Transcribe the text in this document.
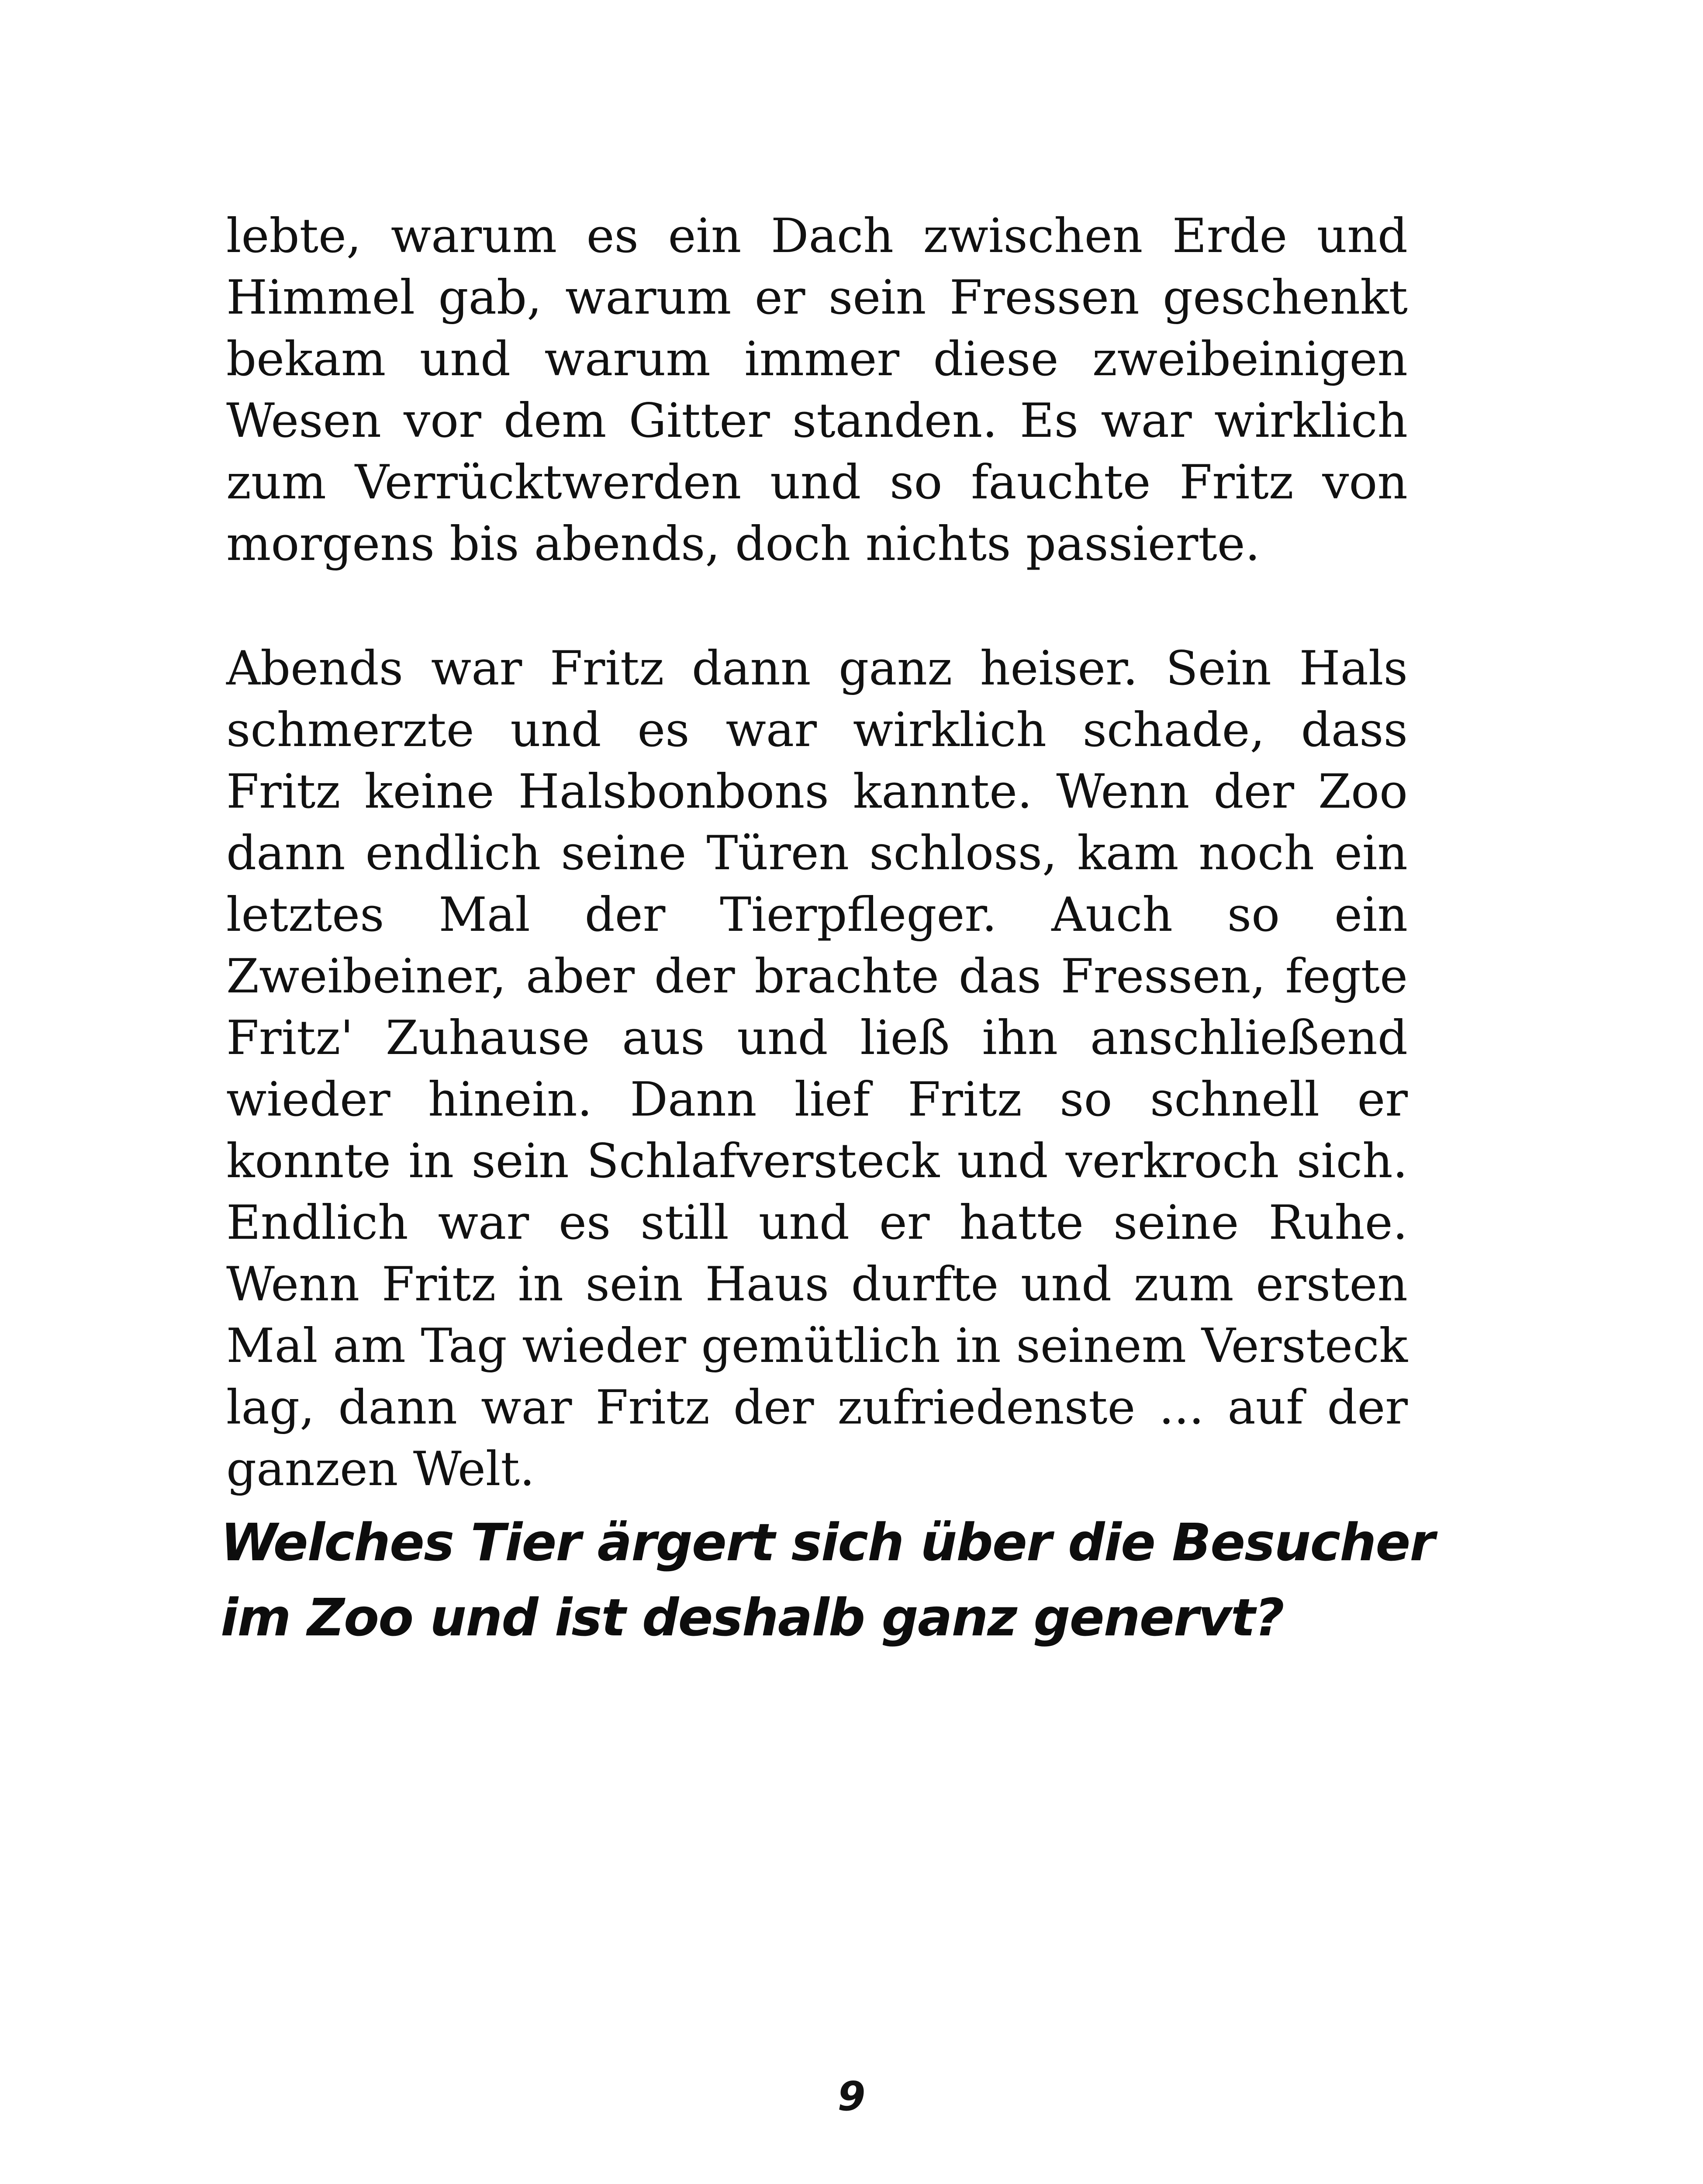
lebte, warum es ein Dach zwischen Erde und Himmel gab, warum er sein Fressen geschenkt bekam und warum immer diese zweibeinigen Wesen vor dem Gitter standen. Es war wirklich zum Verrücktwerden und so fauchte Fritz von morgens bis abends, doch nichts passierte.

Abends war Fritz dann ganz heiser. Sein Hals schmerzte und es war wirklich schade, dass Fritz keine Halsbonbons kannte. Wenn der Zoo dann endlich seine Türen schloss, kam noch ein letztes Mal der Tierpfleger. Auch so ein Zweibeiner, aber der brachte das Fressen, fegte Fritz' Zuhause aus und ließ ihn anschließend wieder hinein. Dann lief Fritz so schnell er konnte in sein Schlafversteck und verkroch sich. Endlich war es still und er hatte seine Ruhe. Wenn Fritz in sein Haus durfte und zum ersten Mal am Tag wieder gemütlich in seinem Versteck lag, dann war Fritz der zufriedenste ... auf der ganzen Welt.

Welches Tier ärgert sich über die Besucher im Zoo und ist deshalb ganz genervt?
9
